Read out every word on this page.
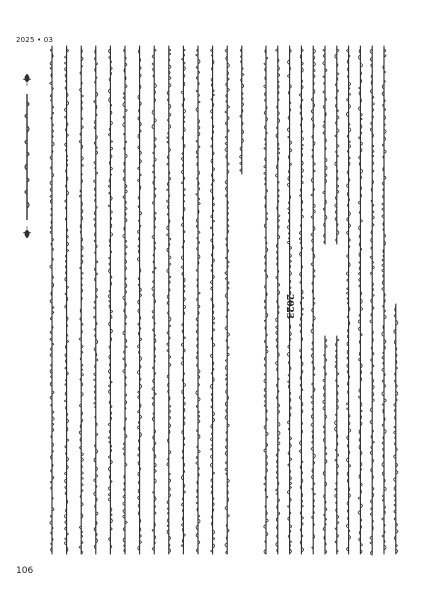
2025 • 03
2023
106
